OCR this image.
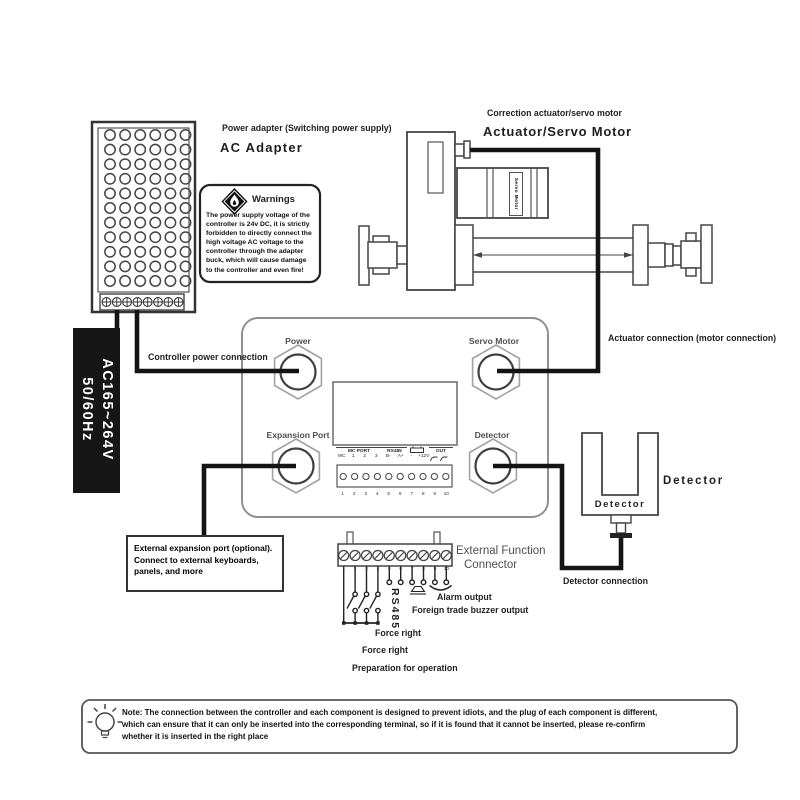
Power adapter (Switching power supply)
AC Adapter
Warnings
The power supply voltage of the
controller is 24v DC, it is strictly
forbidden to directly connect the
high voltage AC voltage to the
controller through the adapter
buck, which will cause damage
to the controller and even fire!
AC165~264V
50/60Hz
Correction actuator/servo motor
Actuator/Servo Motor
Servo Motor
Power	Servo Motor
Expansion Port	Detector
MC PORT
MC	1	2	3
RS485
B-	A+	-	+12V
OUT
1	2	3	4	5	6	7	8	9	10
Controller power connection
Actuator connection (motor connection)
Detector connection
External expansion port (optional).
Connect to external keyboards,
panels, and more
External Function
Connector
1	2	3	4	5	6	7	8	9	10
RS485	Alarm output
Foreign trade buzzer output
Force right
Force right
Preparation for operation
Detector
Detector
Note: The connection between the controller and each component is designed to prevent idiots, and the plug of each component is different,
which can ensure that it can only be inserted into the corresponding terminal, so if it is found that it cannot be inserted, please re-confirm
whether it is inserted in the right place
